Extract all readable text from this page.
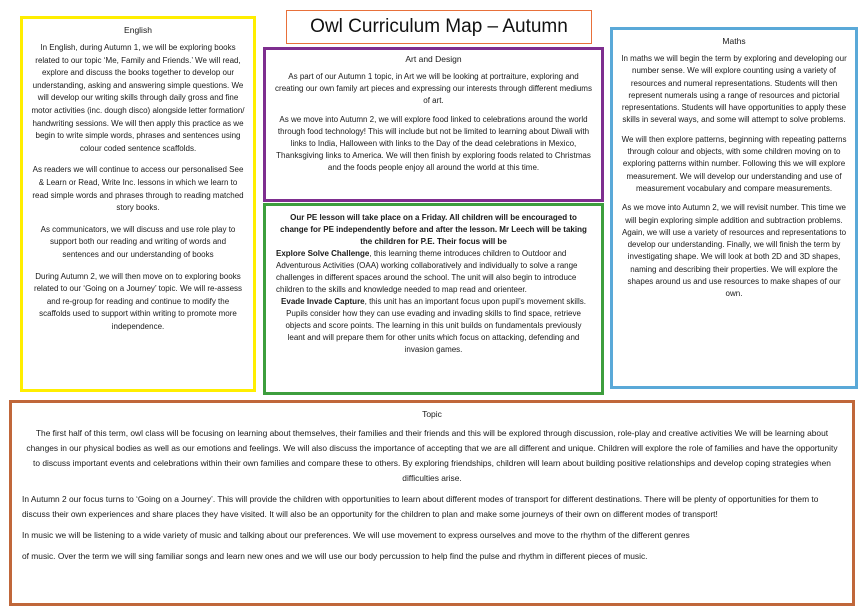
Owl Curriculum Map – Autumn
English

In English, during Autumn 1, we will be exploring books related to our topic ‘Me, Family and Friends.’ We will read, explore and discuss the books together to develop our understanding, asking and answering simple questions. We will develop our writing skills through daily gross and fine motor activities (inc. dough disco) alongside letter formation/ handwriting sessions. We will then apply this practice as we begin to write simple words, phrases and sentences using colour coded sentence scaffolds.

As readers we will continue to access our personalised See & Learn or Read, Write Inc. lessons in which we learn to read simple words and phrases through to reading matched story books.

As communicators, we will discuss and use role play to support both our reading and writing of words and sentences and our understanding of books

During Autumn 2, we will then move on to exploring books related to our ‘Going on a Journey’ topic. We will re-assess and re-group for reading and continue to modify the scaffolds used to support within writing to promote more independence.

Art and Design

As part of our Autumn 1 topic, in Art we will be looking at portraiture, exploring and creating our own family art pieces and expressing our interests through different mediums of art.

As we move into Autumn 2, we will explore food linked to celebrations around the world through food technology! This will include but not be limited to learning about Diwali with links to India, Halloween with links to the Day of the dead celebrations in Mexico, Thanksgiving links to America. We will then finish by exploring foods related to Christmas and the foods people enjoy all around the world at this time.

Our PE lesson will take place on a Friday. All children will be encouraged to change for PE independently before and after the lesson. Mr Leech will be taking the children for P.E. Their focus will be

Explore Solve Challenge, this learning theme introduces children to Outdoor and Adventurous Activities (OAA) working collaboratively and individually to solve a range challenges in different spaces around the school. The unit will also begin to introduce children to the skills and knowledge needed to map read and orienteer.

Evade Invade Capture, this unit has an important focus upon pupil’s movement skills. Pupils consider how they can use evading and invading skills to find space, retrieve objects and score points. The learning in this unit builds on fundamentals previously leant and will prepare them for other units which focus on attacking, defending and invasion games.

Maths

In maths we will begin the term by exploring and developing our number sense. We will explore counting using a variety of resources and numeral representations. Students will then represent numerals using a range of resources and pictorial representations. Students will have opportunities to apply these skills in several ways, and some will attempt to solve problems.

We will then explore patterns, beginning with repeating patterns through colour and objects, with some children moving on to exploring patterns within number. Following this we will explore measurement. We will develop our understanding and use of measurement vocabulary and compare measurements.

As we move into Autumn 2, we will revisit number. This time we will begin exploring simple addition and subtraction problems. Again, we will use a variety of resources and representations to develop our understanding. Finally, we will finish the term by investigating shape. We will look at both 2D and 3D shapes, naming and describing their properties. We will explore the shapes around us and use resources to make shapes of our own.

Topic

The first half of this term, owl class will be focusing on learning about themselves, their families and their friends and this will be explored through discussion, role-play and creative activities We will be learning about changes in our physical bodies as well as our emotions and feelings. We will also discuss the importance of accepting that we are all different and unique. Children will explore the role of families and have the opportunity to discuss important events and celebrations within their own families and compare these to others. By exploring friendships, children will learn about building positive relationships and develop coping strategies when difficulties arise.

In Autumn 2 our focus turns to ‘Going on a Journey’. This will provide the children with opportunities to learn about different modes of transport for different destinations. There will be plenty of opportunities for them to discuss their own experiences and share places they have visited. It will also be an opportunity for the children to plan and make some journeys of their own on different modes of transport!

In music we will be listening to a wide variety of music and talking about our preferences. We will use movement to express ourselves and move to the rhythm of the different genres

of music. Over the term we will sing familiar songs and learn new ones and we will use our body percussion to help find the pulse and rhythm in different pieces of music.
